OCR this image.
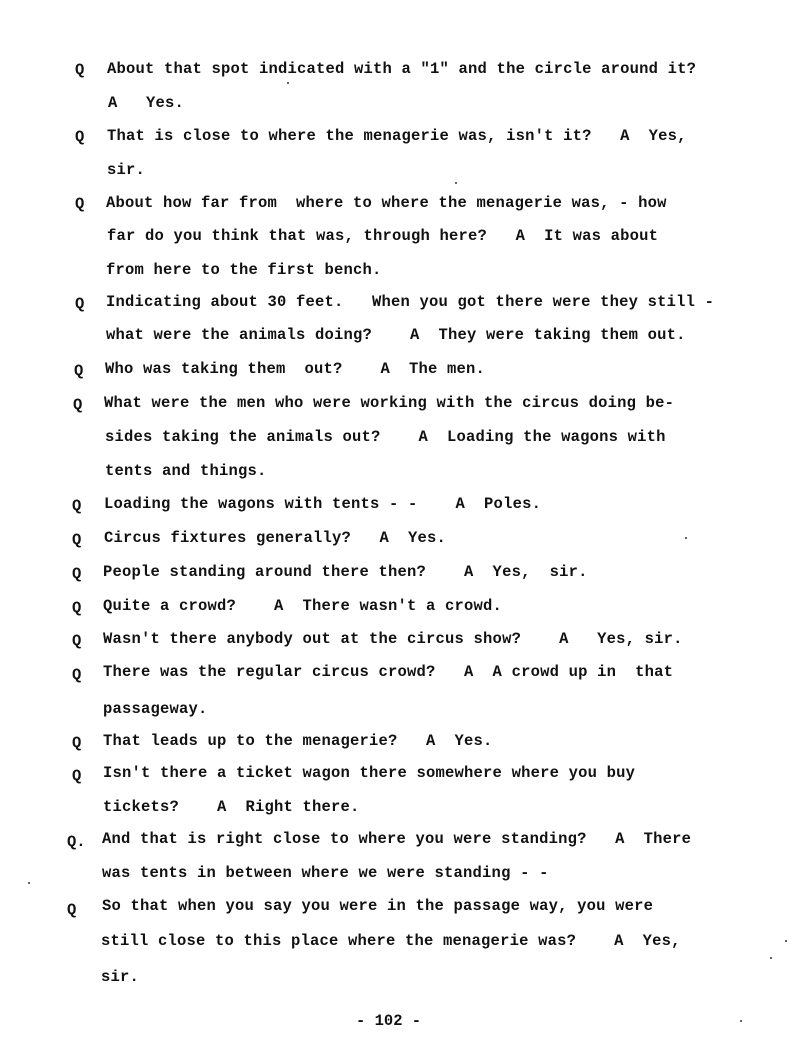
Q About that spot indicated with a "1" and the circle around it?
A   Yes.
Q That is close to where the menagerie was, isn't it?   A  Yes,
sir.
Q About how far from  where to where the menagerie was, - how
far do you think that was, through here?   A  It was about
from here to the first bench.
Q Indicating about 30 feet.   When you got there were they still -
what were the animals doing?    A  They were taking them out.
Q Who was taking them  out?    A  The men.
Q What were the men who were working with the circus doing be-
sides taking the animals out?    A  Loading the wagons with
tents and things.
Q Loading the wagons with tents - -    A  Poles.
Q Circus fixtures generally?   A  Yes.
Q People standing around there then?    A  Yes,  sir.
Q Quite a crowd?    A  There wasn't a crowd.
Q Wasn't there anybody out at the circus show?    A   Yes, sir.
Q There was the regular circus crowd?   A  A crowd up in  that
passageway.
Q That leads up to the menagerie?   A  Yes.
Q Isn't there a ticket wagon there somewhere where you buy
tickets?    A  Right there.
Q. And that is right close to where you were standing?   A  There
was tents in between where we were standing - -
Q So that when you say you were in the passage way, you were
still close to this place where the menagerie was?    A  Yes,
sir.
- 102 -
